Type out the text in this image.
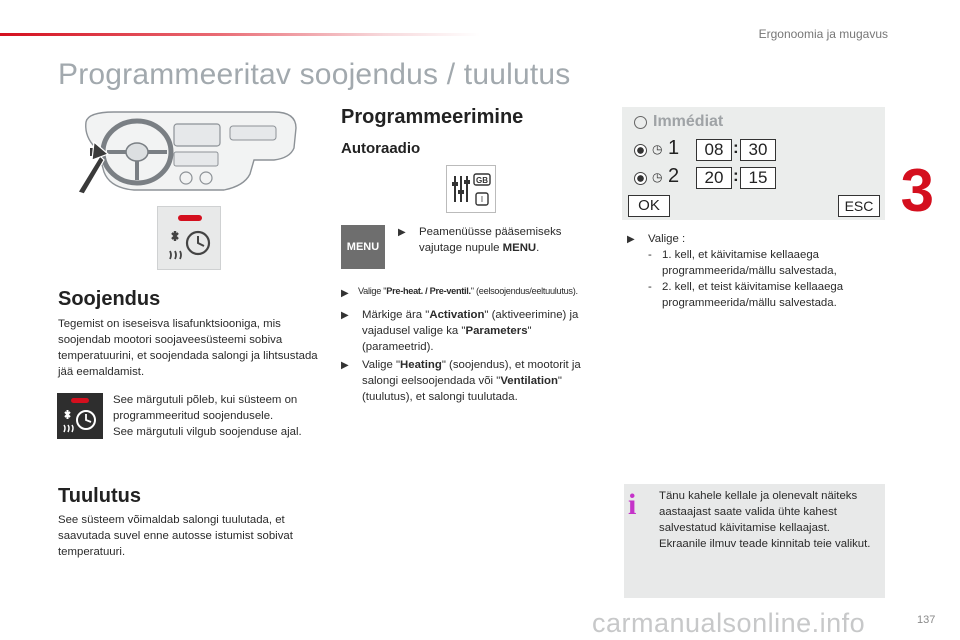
Ergonoomia ja mugavus
Programmeeritav soojendus / tuulutus
3
Soojendus
Tegemist on iseseisva lisafunktsiooniga, mis soojendab mootori soojaveesüsteemi sobiva temperatuurini, et soojendada salongi ja lihtsustada jää eemaldamist.
See märgutuli põleb, kui süsteem on programmeeritud soojendusele.
See märgutuli vilgub soojenduse ajal.
Tuulutus
See süsteem võimaldab salongi tuulutada, et saavutada suvel enne autosse istumist sobivat temperatuuri.
Programmeerimine
Autoraadio
GB
I
MENU
▶ Peamenüüsse pääsemiseks vajutage nupule MENU.
▶ Valige "Pre-heat. / Pre-ventil." (eelsoojendus/eeltuulutus).
▶ Märkige ära "Activation" (aktiveerimine) ja vajadusel valige ka "Parameters" (parameetrid).
▶ Valige "Heating" (soojendus), et mootorit ja salongi eelsoojendada või "Ventilation" (tuulutus), et salongi tuulutada.
Immédiat
◷ 1	08 : 30
◷ 2	20 : 15
OK	ESC
▶ Valige :
- 1. kell, et käivitamise kellaaega programmeerida/mällu salvestada,
- 2. kell, et teist käivitamise kellaaega programmeerida/mällu salvestada.
i Tänu kahele kellale ja olenevalt näiteks aastaajast saate valida ühte kahest salvestatud käivitamise kellaajast. Ekraanile ilmuv teade kinnitab teie valikut.
carmanualsonline.info	137
